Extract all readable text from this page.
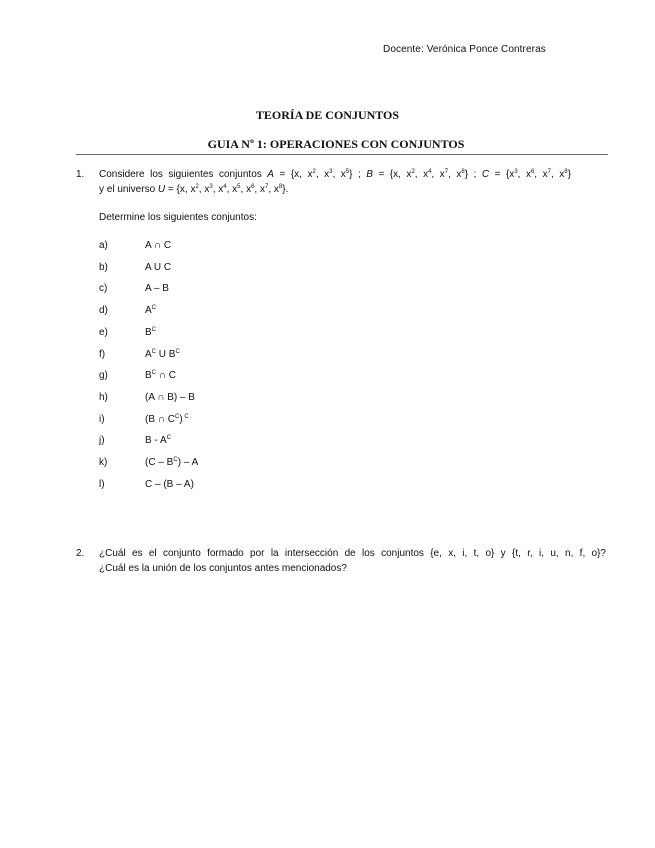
Docente: Verónica Ponce Contreras
TEORÍA DE CONJUNTOS
GUIA Nº 1: OPERACIONES CON CONJUNTOS
1. Considere los siguientes conjuntos A = {x, $x^2$, $x^3$, $x^5$} ; B = {x, $x^2$, $x^4$, $x^7$, $x^8$} ; $C = \{x^3$, $x^6$, $x^7$, $x^8$}
y el universo U = {x, $x^2$, $x^3$, $x^4$, $x^5$, $x^6$, $x^7$, $x^8$}.
Determine los siguientes conjuntos:
a)	A ∩ C
b)	A U C
c)	A – B
d)	$A^C$
e)	$B^C$
f)	$A^C$ U $B^C$
g)	$B^C$ ∩ C
h)	(A ∩ B) – B
i)	(B ∩ $C^C$) $^C$
j)	B - $A^C$
k)	$(C - B^C)$ – A
l)	C – (B – A)
2. ¿Cuál es el conjunto formado por la intersección de los conjuntos {e, x, i, t, o} y {t, r, i, u, n, f, o}?
¿Cuál es la unión de los conjuntos antes mencionados?
